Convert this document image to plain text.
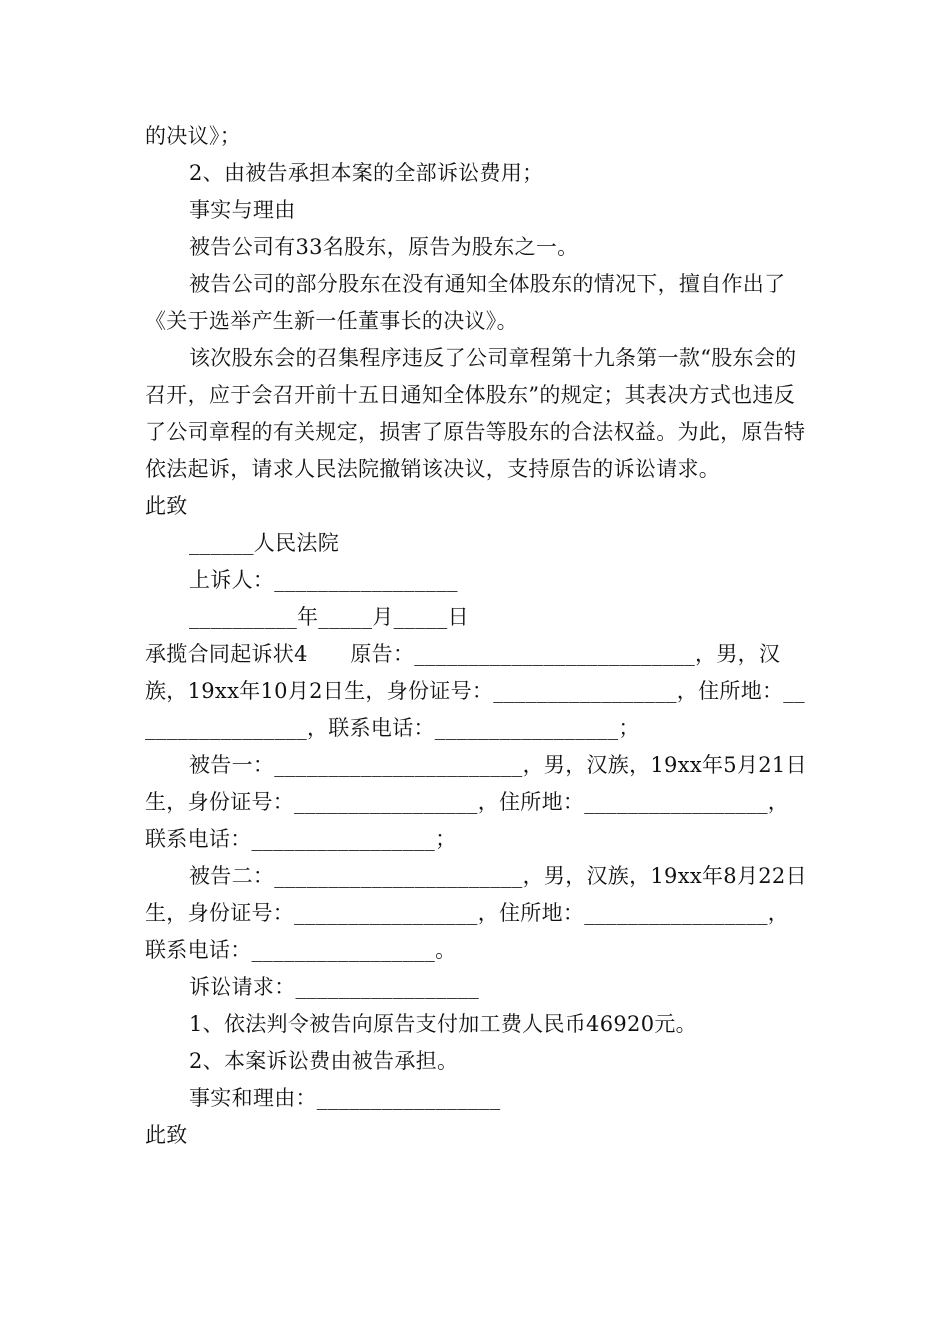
的决议》；

2、由被告承担本案的全部诉讼费用；

事实与理由

被告公司有33名股东，原告为股东之一。

被告公司的部分股东在没有通知全体股东的情况下，擅自作出了《关于选举产生新一任董事长的决议》。

该次股东会的召集程序违反了公司章程第十九条第一款“股东会的召开，应于会召开前十五日通知全体股东”的规定；其表决方式也违反了公司章程的有关规定，损害了原告等股东的合法权益。为此，原告特依法起诉，请求人民法院撤销该决议，支持原告的诉讼请求。

此致

______人民法院

上诉人：_________________

__________年_____月_____日

承揽合同起诉状4　　原告：__________________________，男，汉族，19xx年10月2日生，身份证号：_________________，住所地：_________________，联系电话：_________________；

被告一：_______________________，男，汉族，19xx年5月21日生，身份证号：_________________，住所地：_________________，联系电话：_________________；

被告二：_______________________，男，汉族，19xx年8月22日生，身份证号：_________________，住所地：_________________，联系电话：_________________。

诉讼请求：_________________

1、依法判令被告向原告支付加工费人民币46920元。

2、本案诉讼费由被告承担。

事实和理由：_________________

此致
